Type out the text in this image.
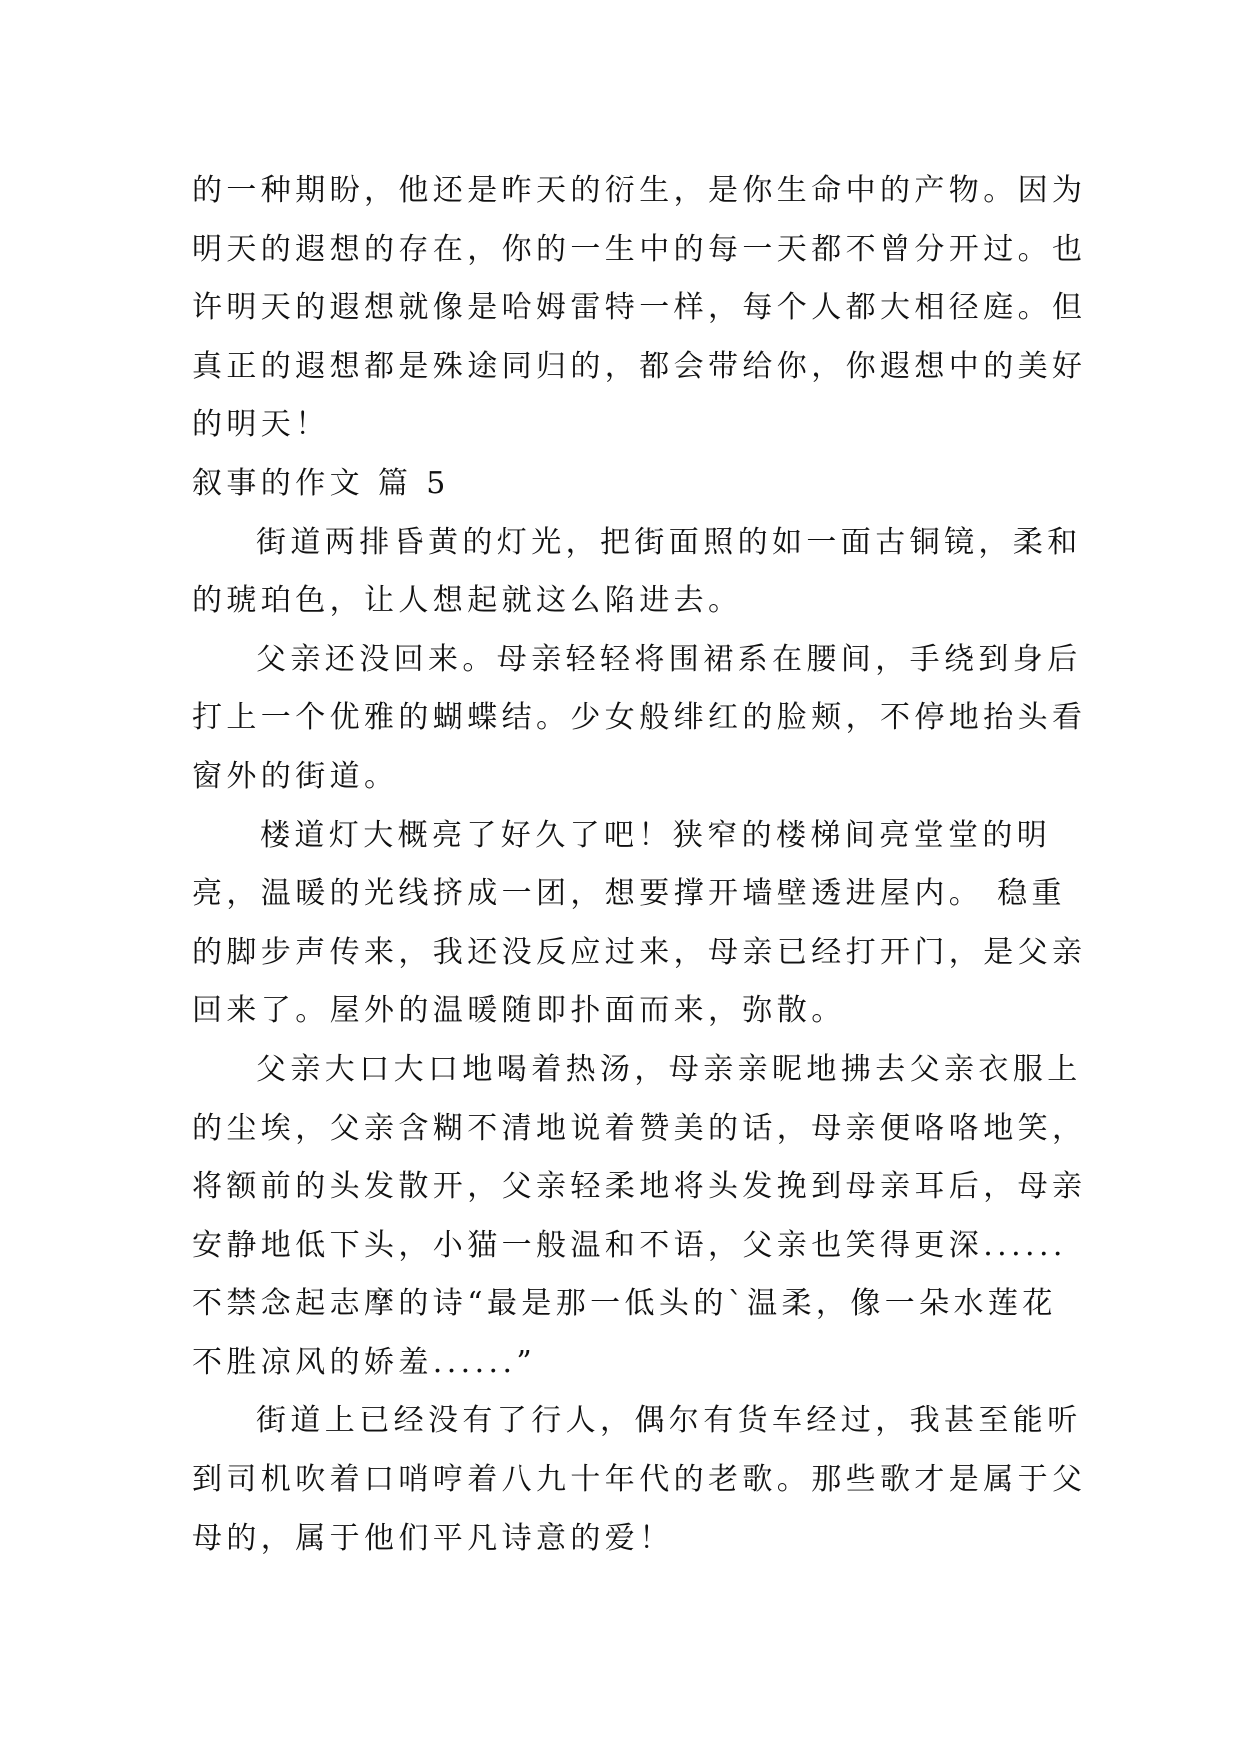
的一种期盼，他还是昨天的衍生，是你生命中的产物。因为
明天的遐想的存在，你的一生中的每一天都不曾分开过。也
许明天的遐想就像是哈姆雷特一样，每个人都大相径庭。但
真正的遐想都是殊途同归的，都会带给你，你遐想中的美好
的明天！
叙事的作文 篇 5
街道两排昏黄的灯光，把街面照的如一面古铜镜，柔和
的琥珀色，让人想起就这么陷进去。
父亲还没回来。母亲轻轻将围裙系在腰间，手绕到身后
打上一个优雅的蝴蝶结。少女般绯红的脸颊，不停地抬头看
窗外的街道。
楼道灯大概亮了好久了吧！狭窄的楼梯间亮堂堂的明
亮，温暖的光线挤成一团，想要撑开墙壁透进屋内。 稳重
的脚步声传来，我还没反应过来，母亲已经打开门，是父亲
回来了。屋外的温暖随即扑面而来，弥散。
父亲大口大口地喝着热汤，母亲亲昵地拂去父亲衣服上
的尘埃，父亲含糊不清地说着赞美的话，母亲便咯咯地笑，
将额前的头发散开，父亲轻柔地将头发挽到母亲耳后，母亲
安静地低下头，小猫一般温和不语，父亲也笑得更深......
不禁念起志摩的诗“最是那一低头的`温柔，像一朵水莲花
不胜凉风的娇羞......”
街道上已经没有了行人，偶尔有货车经过，我甚至能听
到司机吹着口哨哼着八九十年代的老歌。那些歌才是属于父
母的，属于他们平凡诗意的爱！
